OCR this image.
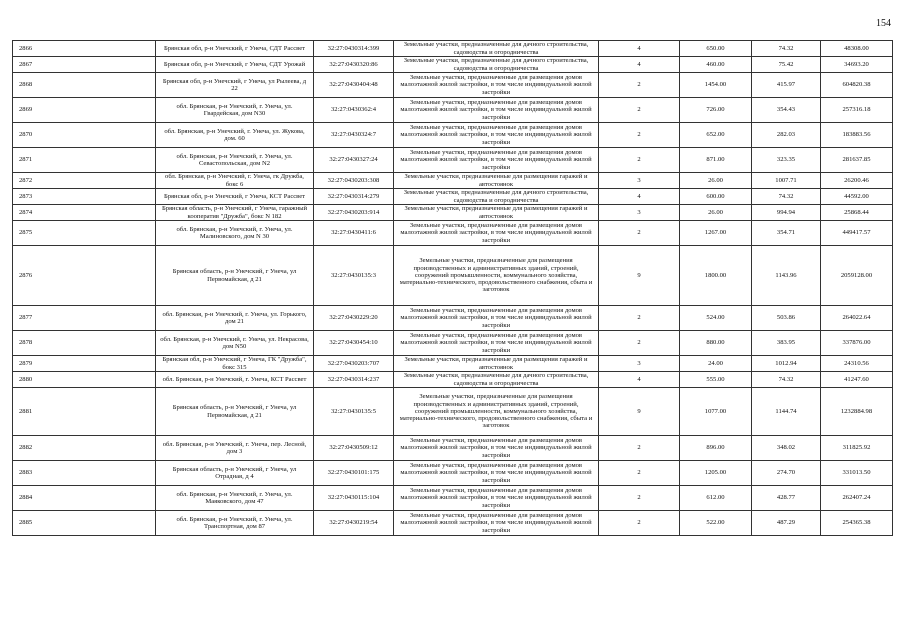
154
2866	Брянская обл, р-н Унечский, г Унеча, СДТ Рассвет	32:27:0430314:399	Земельные участки, предназначенные для дачного строительства, садоводства и огородничества	4	650.00	74.32	48308.00
2867	Брянская обл, р-н Унечский, г Унеча, СДТ Урожай	32:27:0430320:86	Земельные участки, предназначенные для дачного строительства, садоводства и огородничества	4	460.00	75.42	34693.20
2868	Брянская обл, р-н Унечский, г Унеча, ул Рылеева, д 22	32:27:0430404:48	Земельные участки, предназначенные для размещения домов малоэтажной жилой застройки, в том числе индивидуальной жилой застройки	2	1454.00	415.97	604820.38
2869	обл. Брянская, р-н Унечский, г. Унеча, ул. Гвардейская, дом N30	32:27:0430362:4	Земельные участки, предназначенные для размещения домов малоэтажной жилой застройки, в том числе индивидуальной жилой застройки	2	726.00	354.43	257316.18
2870	обл. Брянская, р-н Унечский, г. Унеча, ул. Жукова, дом. 60	32:27:0430324:7	Земельные участки, предназначенные для размещения домов малоэтажной жилой застройки, в том числе индивидуальной жилой застройки	2	652.00	282.03	183883.56
2871	обл. Брянская, р-н Унечский, г. Унеча, ул. Севастопольская, дом N2	32:27:0430327:24	Земельные участки, предназначенные для размещения домов малоэтажной жилой застройки, в том числе индивидуальной жилой застройки	2	871.00	323.35	281637.85
2872	обл. Брянская, р-н Унечский, г. Унеча, гк Дружба, бокс 6	32:27:0430203:308	Земельные участки, предназначенные для размещения гаражей и автостоянок	3	26.00	1007.71	26200.46
2873	Брянская обл, р-н Унечский, г Унеча, КСТ Рассвет	32:27:0430314:279	Земельные участки, предназначенные для дачного строительства, садоводства и огородничества	4	600.00	74.32	44592.00
2874	Брянская область, р-н Унечский, г Унеча, гаражный кооператив "Дружба", бокс N 182	32:27:0430203:914	Земельные участки, предназначенные для размещения гаражей и автостоянок	3	26.00	994.94	25868.44
2875	обл. Брянская, р-н Унечский, г. Унеча, ул. Малиновского, дом N 30	32:27:0430411:6	Земельные участки, предназначенные для размещения домов малоэтажной жилой застройки, в том числе индивидуальной жилой застройки	2	1267.00	354.71	449417.57
2876	Брянская область, р-н Унечский, г Унеча, ул Первомайская, д 21	32:27:0430135:3	Земельные участки, предназначенные для размещения производственных и административных зданий, строений, сооружений промышленности, коммунального хозяйства, материально-технического, продовольственного снабжения, сбыта и заготовок	9	1800.00	1143.96	2059128.00
2877	обл. Брянская, р-н Унечский, г. Унеча, ул. Горького, дом 21	32:27:0430229:20	Земельные участки, предназначенные для размещения домов малоэтажной жилой застройки, в том числе индивидуальной жилой застройки	2	524.00	503.86	264022.64
2878	обл. Брянская, р-н Унечский, г. Унеча, ул. Некрасова, дом N50	32:27:0430454:10	Земельные участки, предназначенные для размещения домов малоэтажной жилой застройки, в том числе индивидуальной жилой застройки	2	880.00	383.95	337876.00
2879	Брянская обл, р-н Унечский, г Унеча, ГК "Дружба", бокс 315	32:27:0430203:707	Земельные участки, предназначенные для размещения гаражей и автостоянок	3	24.00	1012.94	24310.56
2880	обл. Брянская, р-н Унечский, г. Унеча, КСТ Рассвет	32:27:0430314:237	Земельные участки, предназначенные для дачного строительства, садоводства и огородничества	4	555.00	74.32	41247.60
2881	Брянская область, р-н Унечский, г Унеча, ул Первомайская, д 21	32:27:0430135:5	Земельные участки, предназначенные для размещения производственных и административных зданий, строений, сооружений промышленности, коммунального хозяйства, материально-технического, продовольственного снабжения, сбыта и заготовок	9	1077.00	1144.74	1232884.98
2882	обл. Брянская, р-н Унечский, г. Унеча, пер. Лесной, дом 3	32:27:0430509:12	Земельные участки, предназначенные для размещения домов малоэтажной жилой застройки, в том числе индивидуальной жилой застройки	2	896.00	348.02	311825.92
2883	Брянская область, р-н Унечский, г Унеча, ул Отрадная, д 4	32:27:0430101:175	Земельные участки, предназначенные для размещения домов малоэтажной жилой застройки, в том числе индивидуальной жилой застройки	2	1205.00	274.70	331013.50
2884	обл. Брянская, р-н Унечский, г. Унеча, ул. Маяковского, дом 47	32:27:0430115:104	Земельные участки, предназначенные для размещения домов малоэтажной жилой застройки, в том числе индивидуальной жилой застройки	2	612.00	428.77	262407.24
2885	обл. Брянская, р-н Унечский, г. Унеча, ул. Транспортная, дом 87	32:27:0430219:54	Земельные участки, предназначенные для размещения домов малоэтажной жилой застройки, в том числе индивидуальной жилой застройки	2	522.00	487.29	254365.38
